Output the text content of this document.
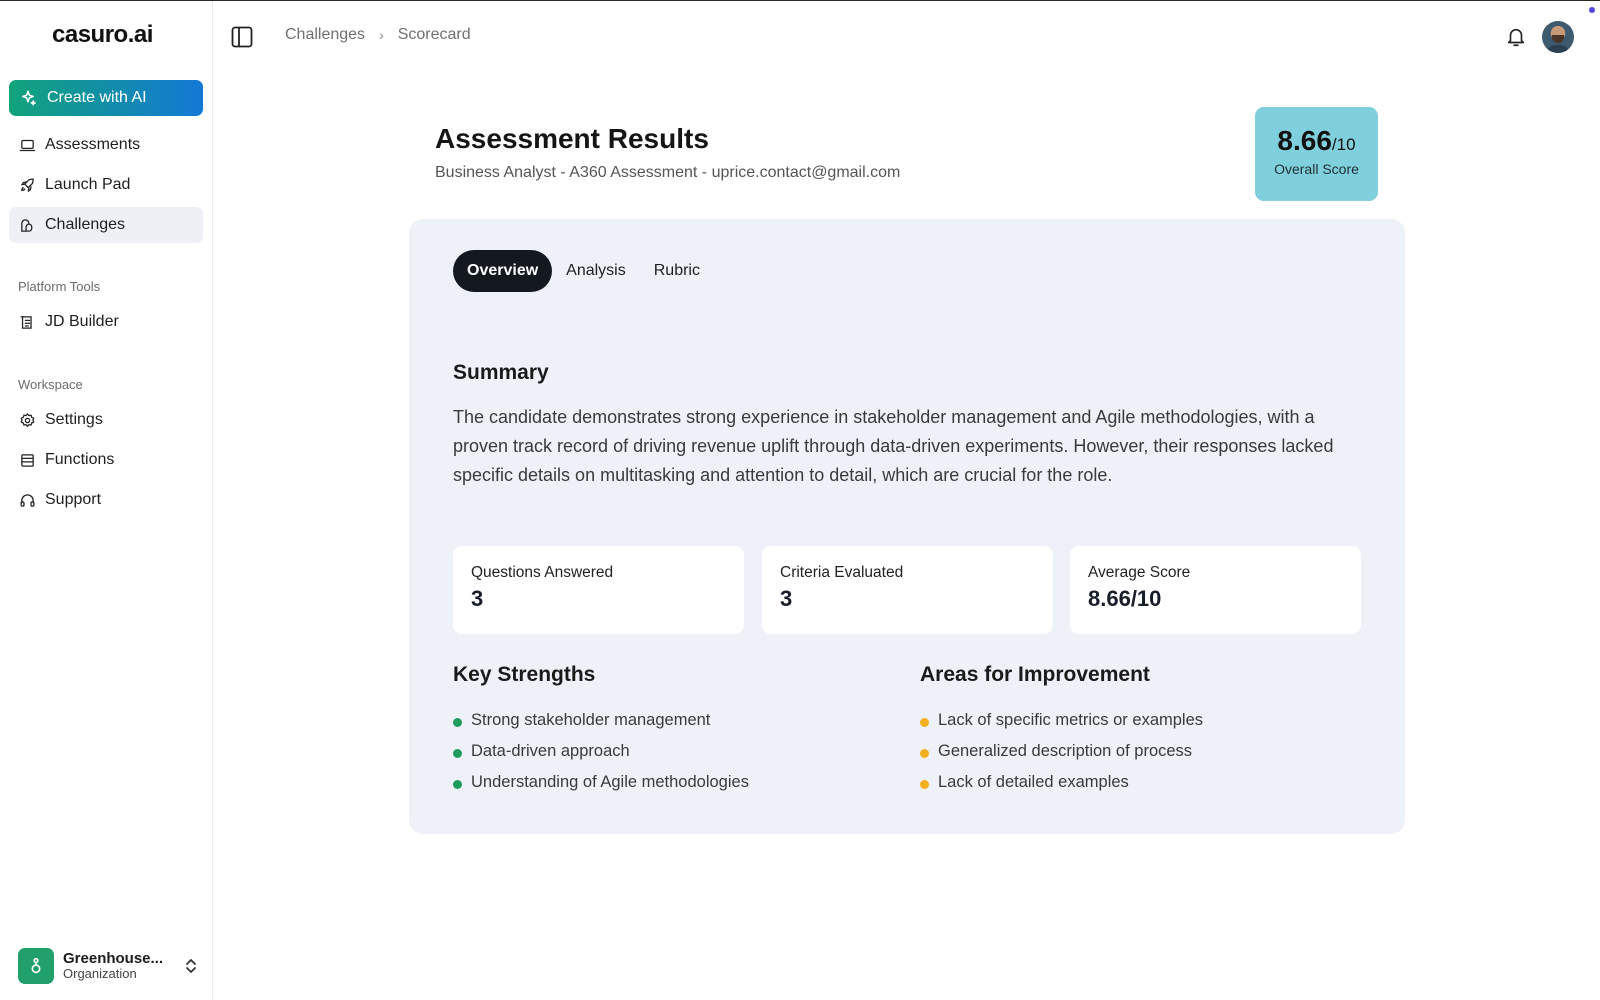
casuro.ai
Create with AI
Assessments
Launch Pad
Challenges
Platform Tools
JD Builder
Workspace
Settings
Functions
Support
Greenhouse...
Organization
Challenges › Scorecard
Assessment Results
Business Analyst - A360 Assessment - uprice.contact@gmail.com
8.66/10
Overall Score
Overview	Analysis	Rubric
Summary

The candidate demonstrates strong experience in stakeholder management and Agile methodologies, with a proven track record of driving revenue uplift through data-driven experiments. However, their responses lacked specific details on multitasking and attention to detail, which are crucial for the role.

Questions Answered
3
Criteria Evaluated
3
Average Score
8.66/10
Key Strengths
Strong stakeholder management
Data-driven approach
Understanding of Agile methodologies
Areas for Improvement
Lack of specific metrics or examples
Generalized description of process
Lack of detailed examples
